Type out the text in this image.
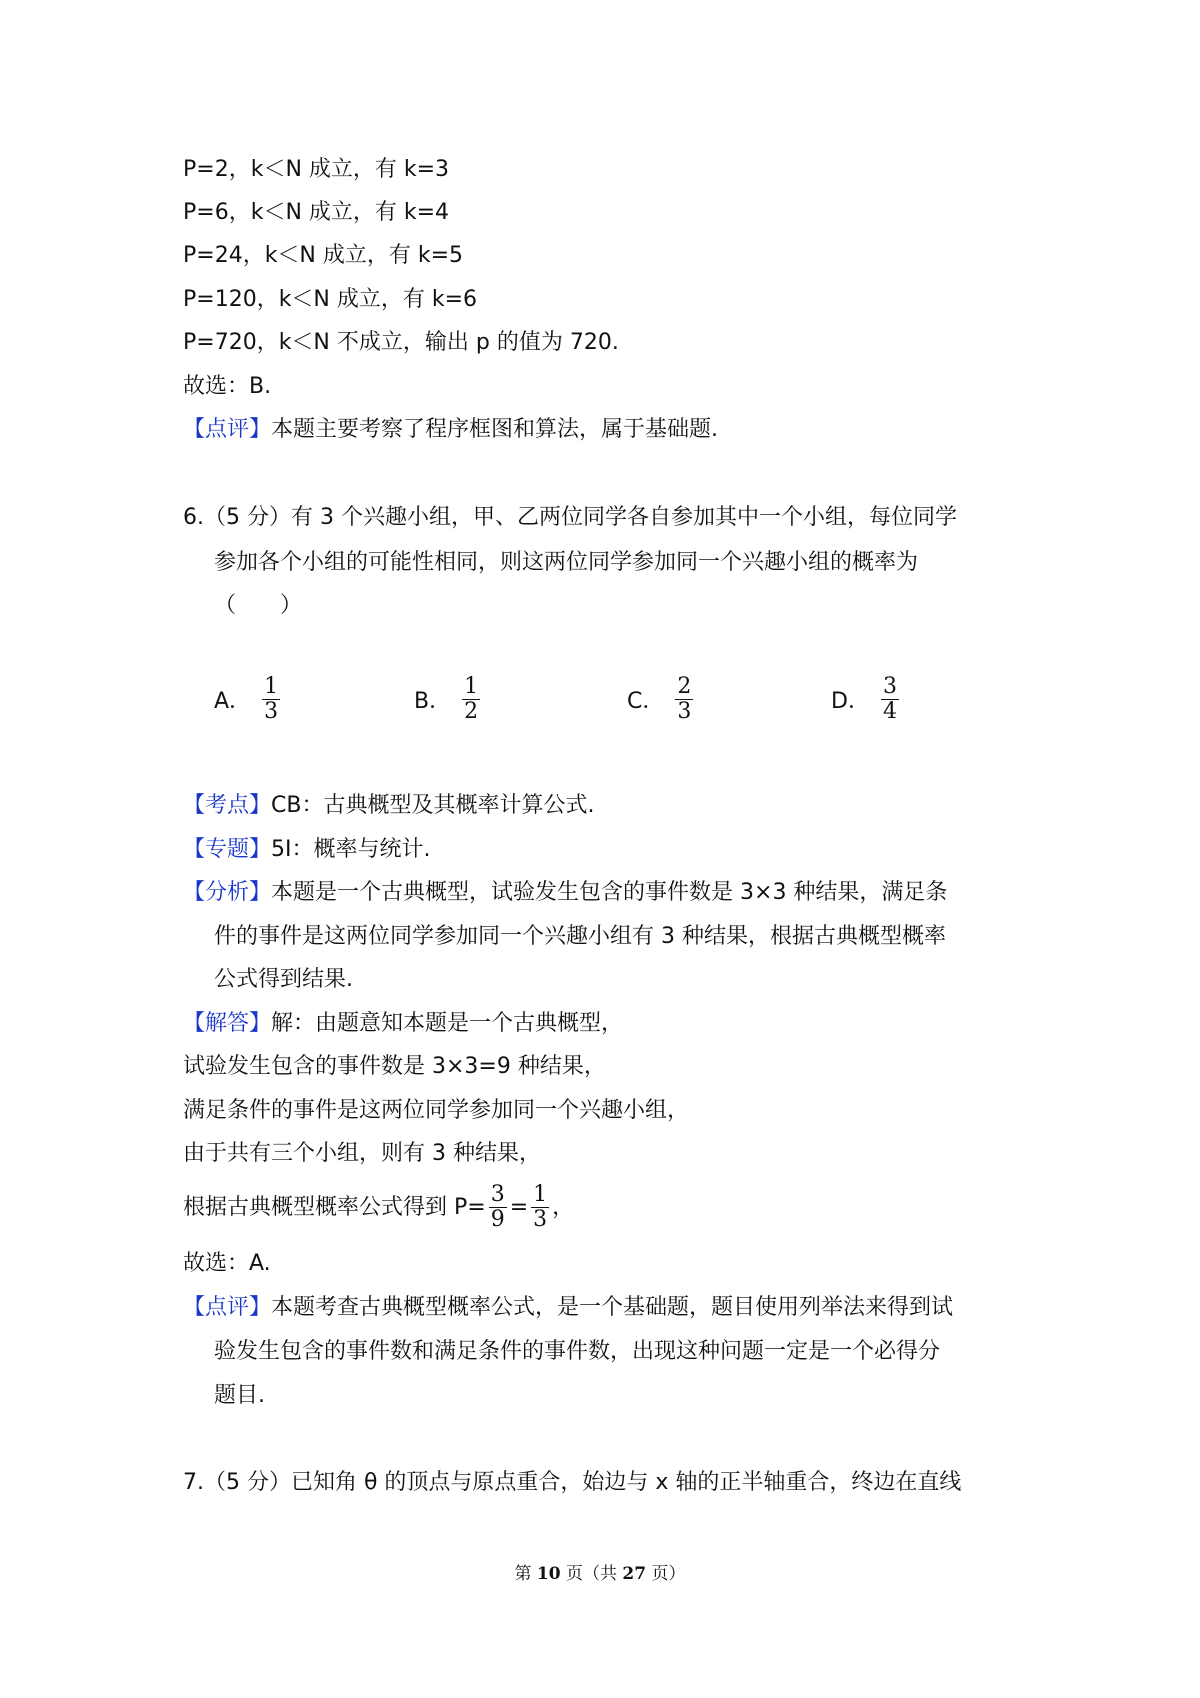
P=2，k＜N 成立，有 k=3
P=6，k＜N 成立，有 k=4
P=24，k＜N 成立，有 k=5
P=120，k＜N 成立，有 k=6
P=720，k＜N 不成立，输出 p 的值为 720.
故选：B.
【点评】本题主要考察了程序框图和算法，属于基础题.
6.（5 分）有 3 个兴趣小组，甲、乙两位同学各自参加其中一个小组，每位同学
参加各个小组的可能性相同，则这两位同学参加同一个兴趣小组的概率为
（　　）
A． $\frac{1}{3}$	B． $\frac{1}{2}$	C． $\frac{2}{3}$	D． $\frac{3}{4}$
【考点】CB：古典概型及其概率计算公式.
【专题】5I：概率与统计.
【分析】本题是一个古典概型，试验发生包含的事件数是 3×3 种结果，满足条
件的事件是这两位同学参加同一个兴趣小组有 3 种结果，根据古典概型概率
公式得到结果.
【解答】解：由题意知本题是一个古典概型，
试验发生包含的事件数是 3×3=9 种结果，
满足条件的事件是这两位同学参加同一个兴趣小组，
由于共有三个小组，则有 3 种结果，
根据古典概型概率公式得到 $P= \frac{3}{9} = \frac{1}{3}$ ，
故选：A.
【点评】本题考查古典概型概率公式，是一个基础题，题目使用列举法来得到试
验发生包含的事件数和满足条件的事件数，出现这种问题一定是一个必得分
题目.
7.（5 分）已知角 θ 的顶点与原点重合，始边与 x 轴的正半轴重合，终边在直线
第 10 页（共 27 页）
